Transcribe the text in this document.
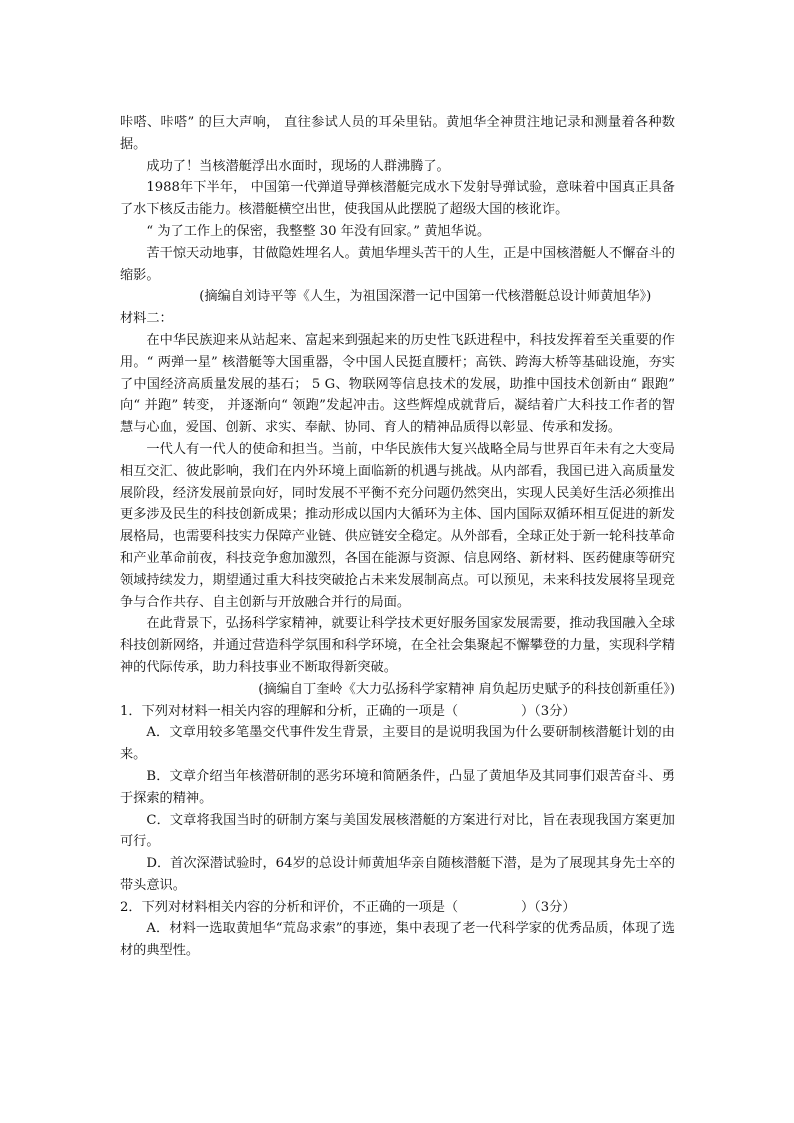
咔嗒、咔嗒” 的巨大声响， 直往参试人员的耳朵里钻。黄旭华全神贯注地记录和测量着各种数据。

成功了！当核潜艇浮出水面时，现场的人群沸腾了。

1988年下半年， 中国第一代弹道导弹核潜艇完成水下发射导弹试验，意味着中国真正具备了水下核反击能力。核潜艇横空出世，使我国从此摆脱了超级大国的核讹诈。

“ 为了工作上的保密，我整整 30 年没有回家。” 黄旭华说。

苦干惊天动地事，甘做隐姓埋名人。黄旭华埋头苦干的人生，正是中国核潜艇人不懈奋斗的缩影。

(摘编自刘诗平等《人生，为祖国深潜一记中国第一代核潜艇总设计师黄旭华》)

材料二：

在中华民族迎来从站起来、富起来到强起来的历史性飞跃进程中，科技发挥着至关重要的作用。“ 两弹一星” 核潜艇等大国重器，令中国人民挺直腰杆；高铁、跨海大桥等基础设施，夯实了中国经济高质量发展的基石； 5 G、物联网等信息技术的发展，助推中国技术创新由“ 跟跑” 向“ 并跑” 转变， 并逐渐向“ 领跑”发起冲击。这些辉煌成就背后，凝结着广大科技工作者的智慧与心血，爱国、创新、求实、奉献、协同、育人的精神品质得以彰显、传承和发扬。

一代人有一代人的使命和担当。当前，中华民族伟大复兴战略全局与世界百年未有之大变局相互交汇、彼此影响，我们在内外环境上面临新的机遇与挑战。从内部看，我国已进入高质量发展阶段，经济发展前景向好，同时发展不平衡不充分问题仍然突出，实现人民美好生活必须推出更多涉及民生的科技创新成果；推动形成以国内大循环为主体、国内国际双循环相互促进的新发展格局，也需要科技实力保障产业链、供应链安全稳定。从外部看，全球正处于新一轮科技革命和产业革命前夜，科技竞争愈加激烈，各国在能源与资源、信息网络、新材料、医药健康等研究领域持续发力，期望通过重大科技突破抢占未来发展制高点。可以预见，未来科技发展将呈现竞争与合作共存、自主创新与开放融合并行的局面。

在此背景下，弘扬科学家精神，就要让科学技术更好服务国家发展需要，推动我国融入全球科技创新网络，并通过营造科学氛围和科学环境，在全社会集聚起不懈攀登的力量，实现科学精神的代际传承，助力科技事业不断取得新突破。

(摘编自丁奎岭《大力弘扬科学家精神 肩负起历史赋予的科技创新重任》)

1．下列对材料一相关内容的理解和分析，正确的一项是（	）（3分）

A．文章用较多笔墨交代事件发生背景，主要目的是说明我国为什么要研制核潜艇计划的由来。

B．文章介绍当年核潜研制的恶劣环境和简陋条件，凸显了黄旭华及其同事们艰苦奋斗、勇于探索的精神。

C．文章将我国当时的研制方案与美国发展核潜艇的方案进行对比，旨在表现我国方案更加可行。

D．首次深潜试验时，64岁的总设计师黄旭华亲自随核潜艇下潜，是为了展现其身先士卒的带头意识。

2．下列对材料相关内容的分析和评价，不正确的一项是（	）（3分）

A．材料一选取黄旭华“荒岛求索”的事迹，集中表现了老一代科学家的优秀品质，体现了选材的典型性。
